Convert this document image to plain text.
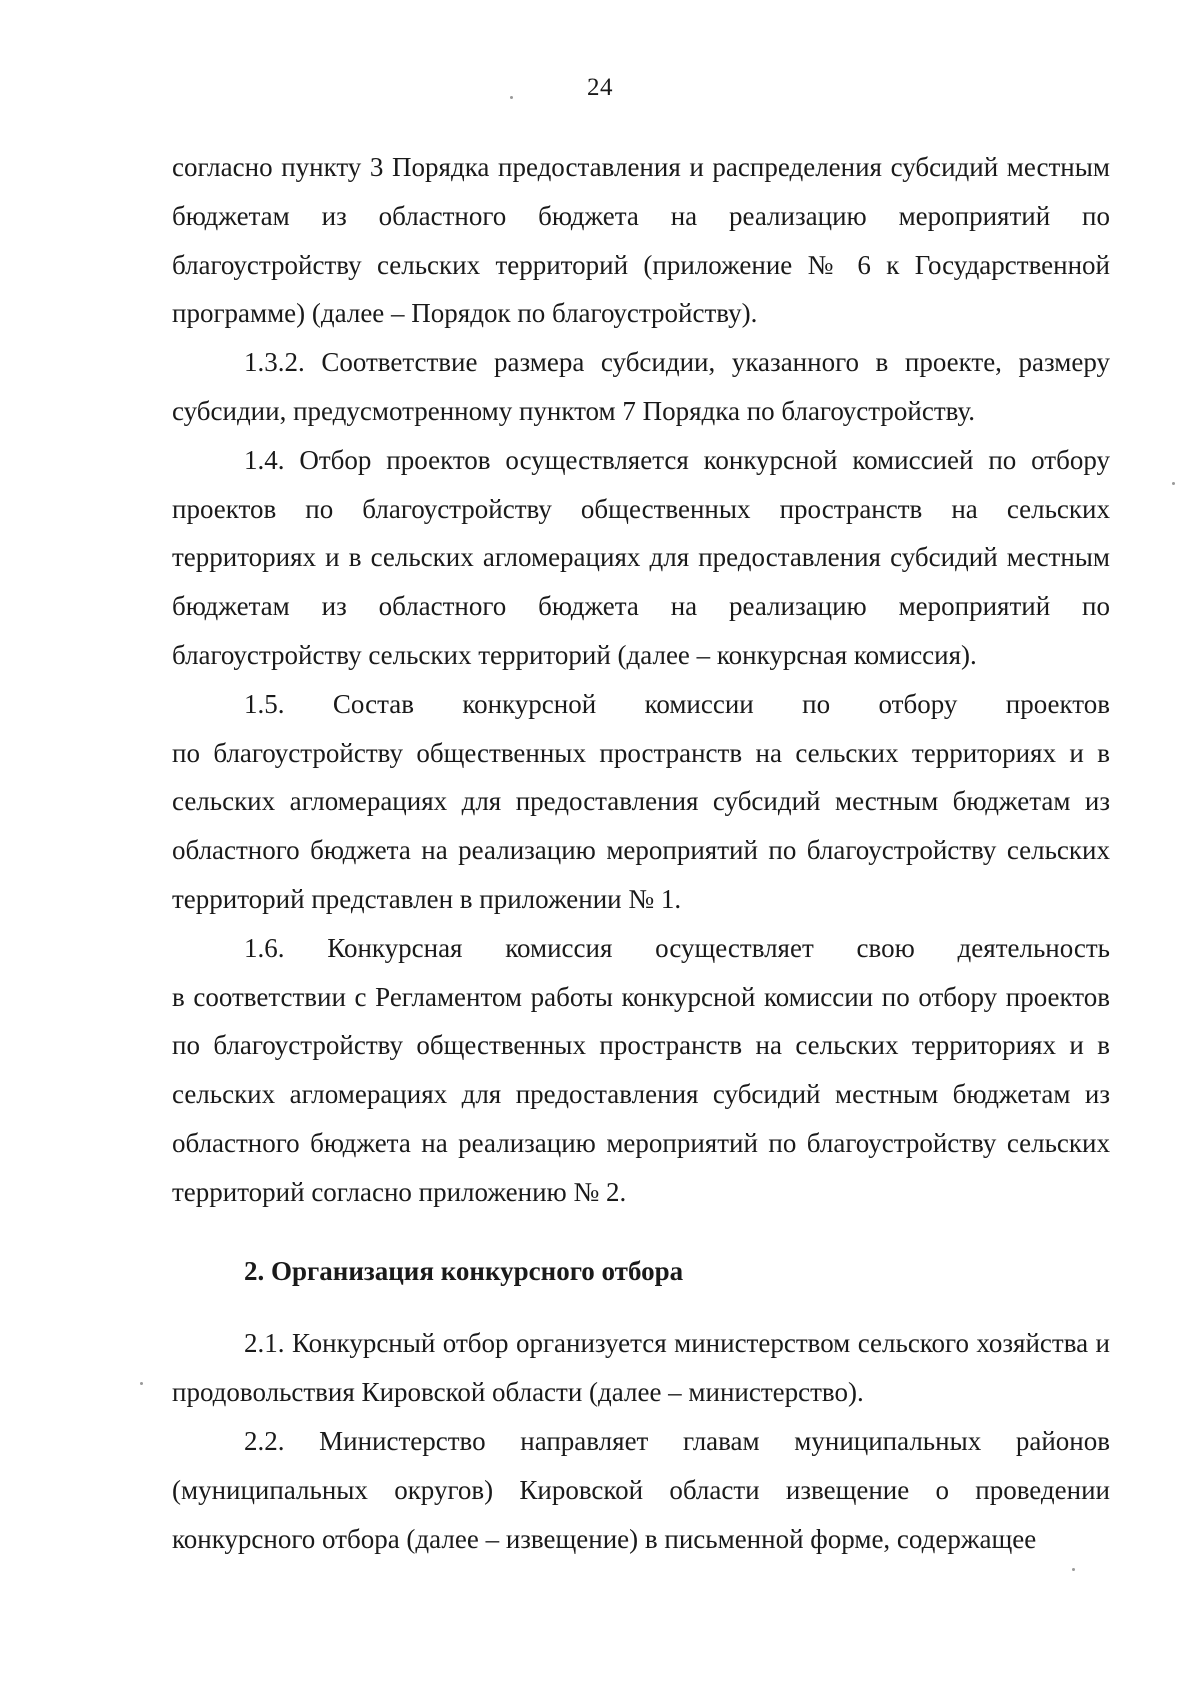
24

согласно пункту 3 Порядка предоставления и распределения субсидий местным бюджетам из областного бюджета на реализацию мероприятий по благоустройству сельских территорий (приложение № 6 к Государственной программе) (далее – Порядок по благоустройству).

1.3.2. Соответствие размера субсидии, указанного в проекте, размеру субсидии, предусмотренному пунктом 7 Порядка по благоустройству.

1.4. Отбор проектов осуществляется конкурсной комиссией по отбору проектов по благоустройству общественных пространств на сельских территориях и в сельских агломерациях для предоставления субсидий местным бюджетам из областного бюджета на реализацию мероприятий по благоустройству сельских территорий (далее – конкурсная комиссия).

1.5. Состав конкурсной комиссии по отбору проектов

по благоустройству общественных пространств на сельских территориях и в сельских агломерациях для предоставления субсидий местным бюджетам из областного бюджета на реализацию мероприятий по благоустройству сельских территорий представлен в приложении № 1.

1.6. Конкурсная комиссия осуществляет свою деятельность

в соответствии с Регламентом работы конкурсной комиссии по отбору проектов по благоустройству общественных пространств на сельских территориях и в сельских агломерациях для предоставления субсидий местным бюджетам из областного бюджета на реализацию мероприятий по благоустройству сельских территорий согласно приложению № 2.

2. Организация конкурсного отбора

2.1. Конкурсный отбор организуется министерством сельского хозяйства и продовольствия Кировской области (далее – министерство).

2.2. Министерство направляет главам муниципальных районов (муниципальных округов) Кировской области извещение о проведении конкурсного отбора (далее – извещение) в письменной форме, содержащее
